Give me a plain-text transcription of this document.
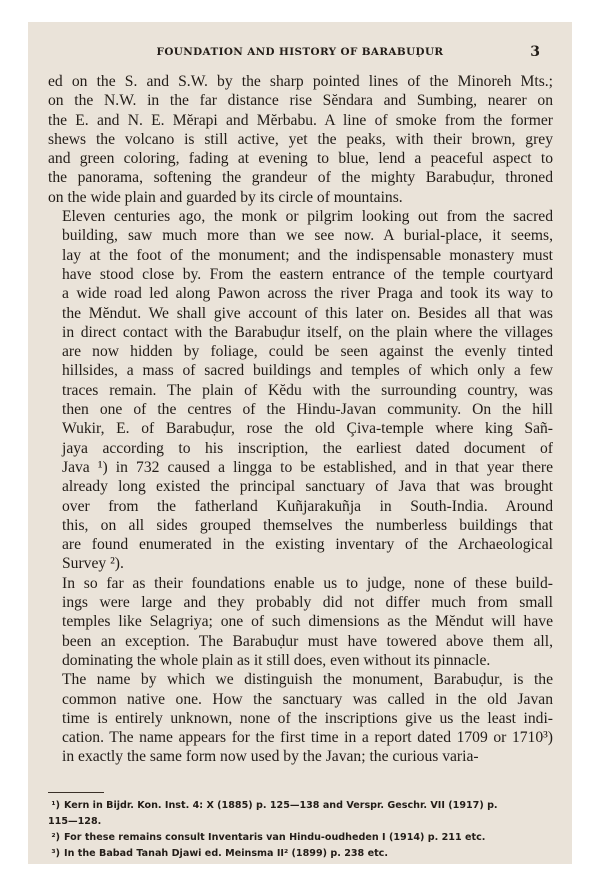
FOUNDATION AND HISTORY OF BARABUḌUR	3
ed on the S. and S.W. by the sharp pointed lines of the Minoreh Mts.;
on the N.W. in the far distance rise Sĕndara and Sumbing, nearer on
the E. and N. E. Mĕrapi and Mĕrbabu. A line of smoke from the former
shews the volcano is still active, yet the peaks, with their brown, grey
and green coloring, fading at evening to blue, lend a peaceful aspect to
the panorama, softening the grandeur of the mighty Barabuḍur, throned
on the wide plain and guarded by its circle of mountains.
Eleven centuries ago, the monk or pilgrim looking out from the sacred
building, saw much more than we see now. A burial-place, it seems,
lay at the foot of the monument; and the indispensable monastery must
have stood close by. From the eastern entrance of the temple courtyard
a wide road led along Pawon across the river Praga and took its way to
the Mĕndut. We shall give account of this later on. Besides all that was
in direct contact with the Barabuḍur itself, on the plain where the villages
are now hidden by foliage, could be seen against the evenly tinted
hillsides, a mass of sacred buildings and temples of which only a few
traces remain. The plain of Kĕdu with the surrounding country, was
then one of the centres of the Hindu-Javan community. On the hill
Wukir, E. of Barabuḍur, rose the old Çiva-temple where king Sañ-
jaya according to his inscription, the earliest dated document of
Java ¹) in 732 caused a lingga to be established, and in that year there
already long existed the principal sanctuary of Java that was brought
over from the fatherland Kuñjarakuñja in South-India. Around
this, on all sides grouped themselves the numberless buildings that
are found enumerated in the existing inventary of the Archaeological
Survey ²).
In so far as their foundations enable us to judge, none of these build-
ings were large and they probably did not differ much from small
temples like Selagriya; one of such dimensions as the Mĕndut will have
been an exception. The Barabuḍur must have towered above them all,
dominating the whole plain as it still does, even without its pinnacle.
The name by which we distinguish the monument, Barabuḍur, is the
common native one. How the sanctuary was called in the old Javan
time is entirely unknown, none of the inscriptions give us the least indi-
cation. The name appears for the first time in a report dated 1709 or 1710³)
in exactly the same form now used by the Javan; the curious varia-
¹) Kern in Bijdr. Kon. Inst. 4: X (1885) p. 125—138 and Verspr. Geschr. VII (1917) p.
115—128.
²) For these remains consult Inventaris van Hindu-oudheden I (1914) p. 211 etc.
³) In the Babad Tanah Djawi ed. Meinsma II² (1899) p. 238 etc.
